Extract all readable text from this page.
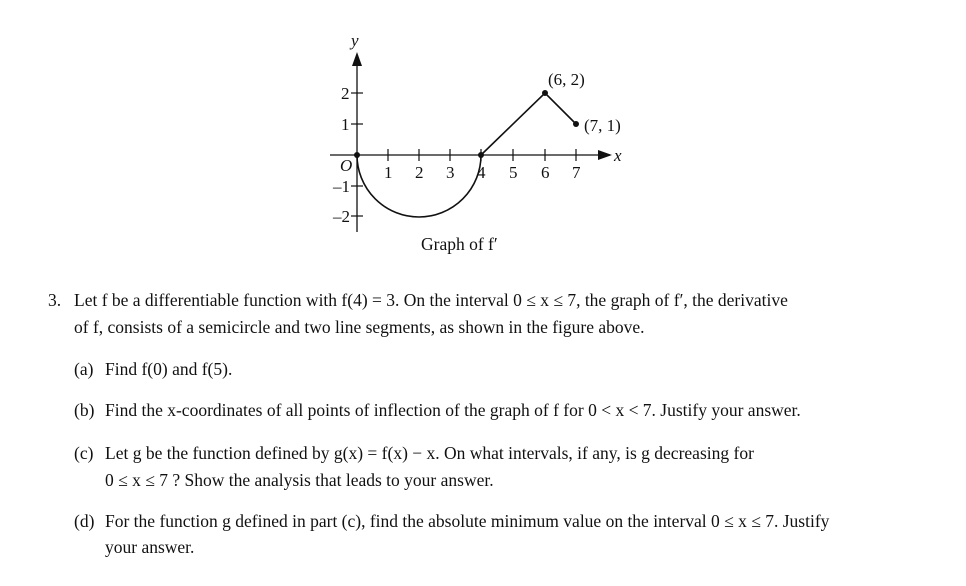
x
y
O 1 2 3 4 5 6 7
2
1
–1
–2
(6, 2)
(7, 1)
Graph of f′
3. Let f be a differentiable function with f(4) = 3. On the interval 0 ≤ x ≤ 7, the graph of f′, the derivative
of f, consists of a semicircle and two line segments, as shown in the figure above.
(a) Find f(0) and f(5).
(b) Find the x-coordinates of all points of inflection of the graph of f for 0 < x < 7. Justify your answer.
(c) Let g be the function defined by g(x) = f(x) − x. On what intervals, if any, is g decreasing for
0 ≤ x ≤ 7 ? Show the analysis that leads to your answer.
(d) For the function g defined in part (c), find the absolute minimum value on the interval 0 ≤ x ≤ 7. Justify
your answer.
